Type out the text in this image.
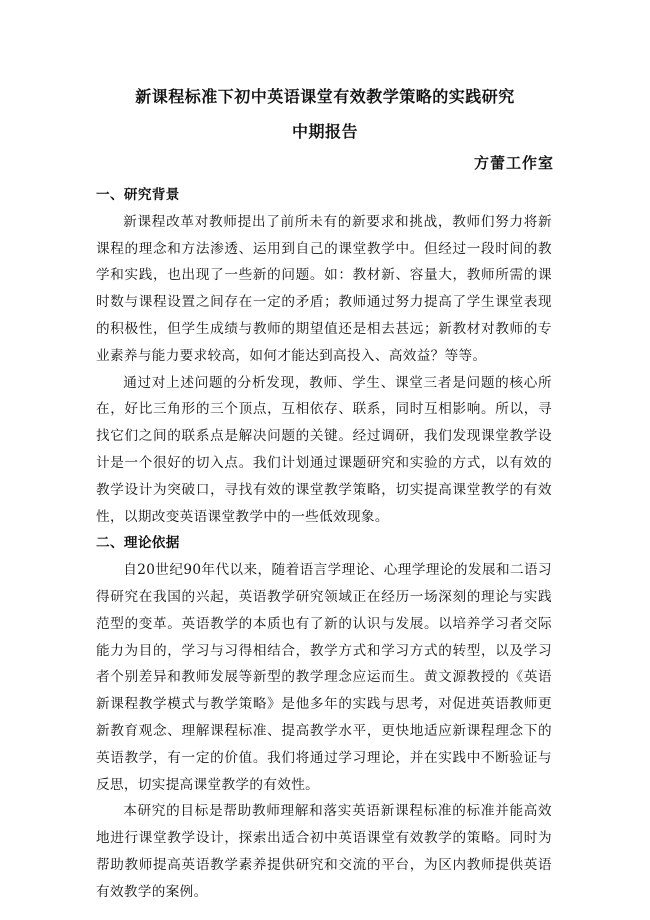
新课程标准下初中英语课堂有效教学策略的实践研究
中期报告
方蕾工作室

一、研究背景

新课程改革对教师提出了前所未有的新要求和挑战，教师们努力将新课程的理念和方法渗透、运用到自己的课堂教学中。但经过一段时间的教学和实践，也出现了一些新的问题。如：教材新、容量大，教师所需的课时数与课程设置之间存在一定的矛盾；教师通过努力提高了学生课堂表现的积极性，但学生成绩与教师的期望值还是相去甚远；新教材对教师的专业素养与能力要求较高，如何才能达到高投入、高效益？等等。

通过对上述问题的分析发现，教师、学生、课堂三者是问题的核心所在，好比三角形的三个顶点，互相依存、联系，同时互相影响。所以，寻找它们之间的联系点是解决问题的关键。经过调研，我们发现课堂教学设计是一个很好的切入点。我们计划通过课题研究和实验的方式，以有效的教学设计为突破口，寻找有效的课堂教学策略，切实提高课堂教学的有效性，以期改变英语课堂教学中的一些低效现象。

二、理论依据

自20世纪90年代以来，随着语言学理论、心理学理论的发展和二语习得研究在我国的兴起，英语教学研究领域正在经历一场深刻的理论与实践范型的变革。英语教学的本质也有了新的认识与发展。以培养学习者交际能力为目的，学习与习得相结合，教学方式和学习方式的转型，以及学习者个别差异和教师发展等新型的教学理念应运而生。黄文源教授的《英语新课程教学模式与教学策略》是他多年的实践与思考，对促进英语教师更新教育观念、理解课程标准、提高教学水平，更快地适应新课程理念下的英语教学，有一定的价值。我们将通过学习理论，并在实践中不断验证与反思，切实提高课堂教学的有效性。

本研究的目标是帮助教师理解和落实英语新课程标准的标准并能高效地进行课堂教学设计，探索出适合初中英语课堂有效教学的策略。同时为帮助教师提高英语教学素养提供研究和交流的平台，为区内教师提供英语有效教学的案例。
